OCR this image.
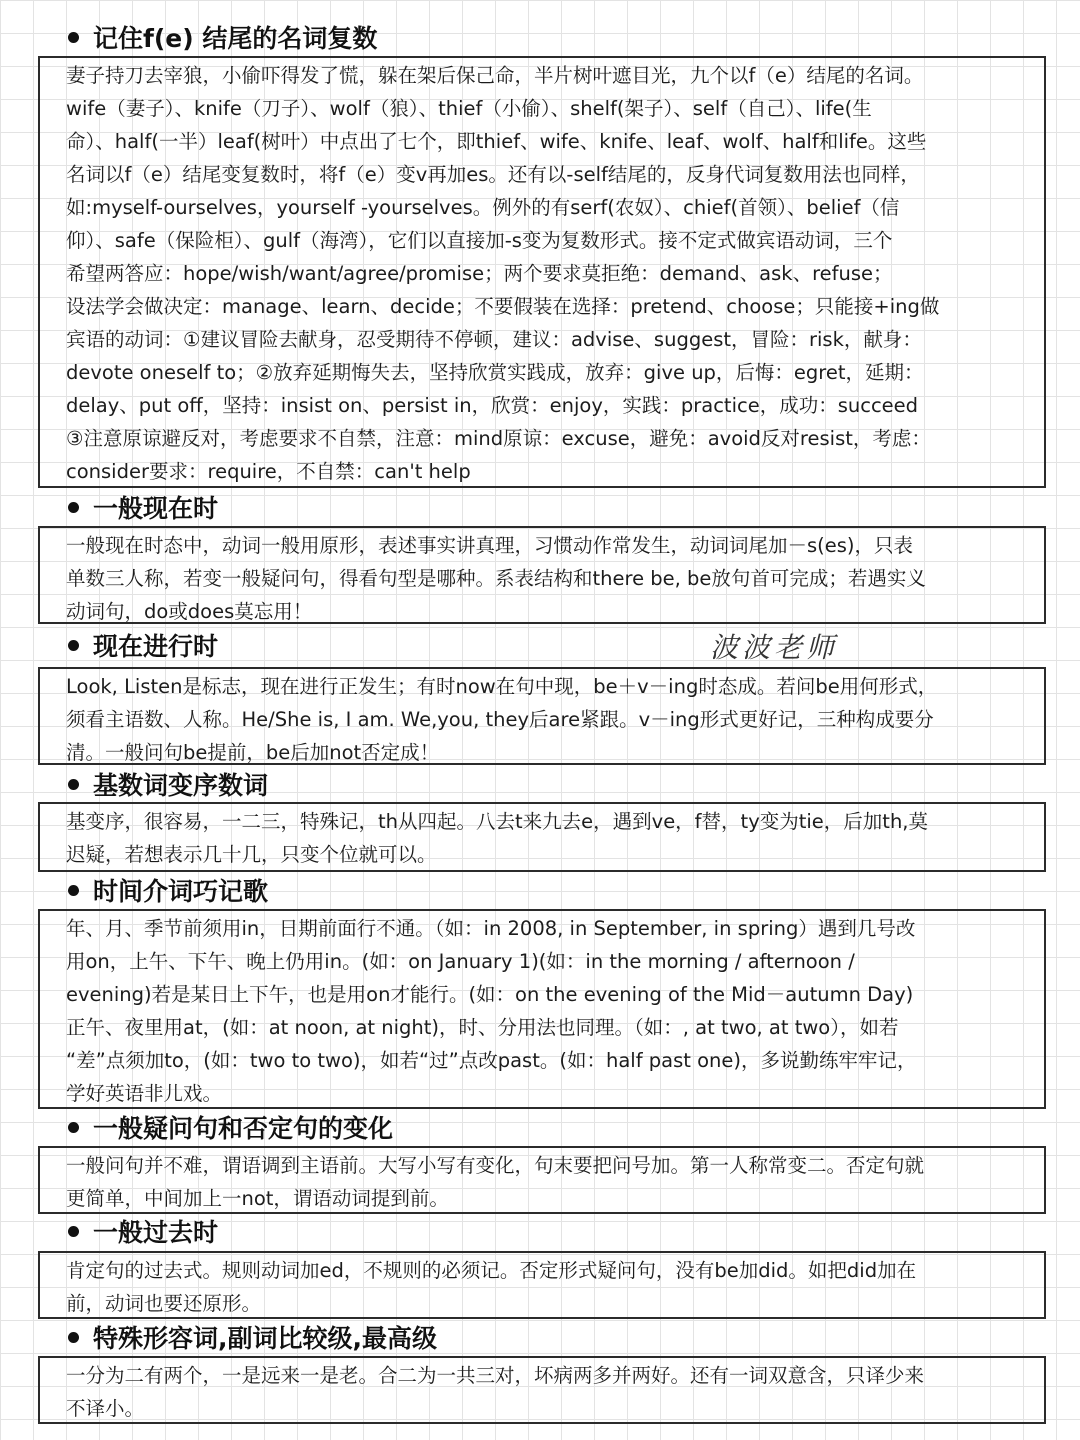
记住f(e) 结尾的名词复数
妻子持刀去宰狼，小偷吓得发了慌，躲在架后保己命，半片树叶遮目光，九个以f（e）结尾的名词。
wife（妻子）、knife（刀子）、wolf（狼）、thief（小偷）、shelf(架子）、self（自己）、life(生
命）、half(一半）leaf(树叶）中点出了七个，即thief、wife、knife、leaf、wolf、half和life。这些
名词以f（e）结尾变复数时，将f（e）变v再加es。还有以-self结尾的，反身代词复数用法也同样，
如:myself-ourselves，yourself -yourselves。例外的有serf(农奴）、chief(首领）、belief（信
仰）、safe（保险柜）、gulf（海湾），它们以直接加-s变为复数形式。接不定式做宾语动词，三个
希望两答应：hope/wish/want/agree/promise；两个要求莫拒绝：demand、ask、refuse；
设法学会做决定：manage、learn、decide；不要假装在选择：pretend、choose；只能接+ing做
宾语的动词：①建议冒险去献身，忍受期待不停顿，建议：advise、suggest，冒险：risk，献身：
devote oneself to；②放弃延期悔失去，坚持欣赏实践成，放弃：give up，后悔：egret，延期：
delay、put off，坚持：insist on、persist in，欣赏：enjoy，实践：practice，成功：succeed
③注意原谅避反对，考虑要求不自禁，注意：mind原谅：excuse，避免：avoid反对resist，考虑：
consider要求：require，不自禁：can't help
一般现在时
一般现在时态中，动词一般用原形，表述事实讲真理，习惯动作常发生，动词词尾加－s(es)，只表
单数三人称，若变一般疑问句，得看句型是哪种。系表结构和there be, be放句首可完成；若遇实义
动词句，do或does莫忘用！
现在进行时	波波老师
Look, Listen是标志，现在进行正发生；有时now在句中现，be＋v－ing时态成。若问be用何形式，
须看主语数、人称。He/She is, I am. We,you, they后are紧跟。v－ing形式更好记，三种构成要分
清。一般问句be提前，be后加not否定成！
基数词变序数词
基变序，很容易，一二三，特殊记，th从四起。八去t来九去e，遇到ve，f替，ty变为tie，后加th,莫
迟疑，若想表示几十几，只变个位就可以。
时间介词巧记歌
年、月、季节前须用in，日期前面行不通。（如：in 2008, in September, in spring）遇到几号改
用on，上午、下午、晚上仍用in。(如：on January 1)(如：in the morning / afternoon /
evening)若是某日上下午，也是用on才能行。(如：on the evening of the Mid－autumn Day)
正午、夜里用at，(如：at noon, at night)，时、分用法也同理。（如：, at two, at two），如若
“差”点须加to，(如：two to two)，如若“过”点改past。(如：half past one)，多说勤练牢牢记，
学好英语非儿戏。
一般疑问句和否定句的变化
一般问句并不难，谓语调到主语前。大写小写有变化，句末要把问号加。第一人称常变二。否定句就
更简单，中间加上一not，谓语动词提到前。
一般过去时
肯定句的过去式。规则动词加ed，不规则的必须记。否定形式疑问句，没有be加did。如把did加在
前，动词也要还原形。
特殊形容词,副词比较级,最高级
一分为二有两个，一是远来一是老。合二为一共三对，坏病两多并两好。还有一词双意含，只译少来
不译小。
